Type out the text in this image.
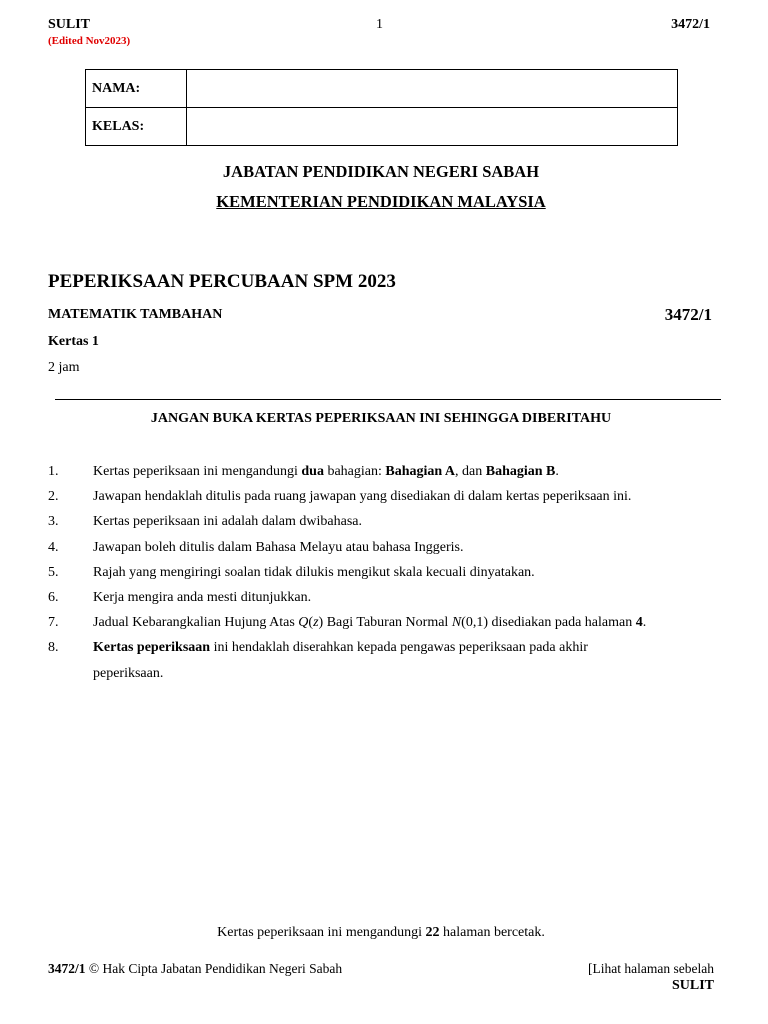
SULIT
(Edited Nov2023)
1	3472/1
NAMA:	
KELAS:	
JABATAN PENDIDIKAN NEGERI SABAH
KEMENTERIAN PENDIDIKAN MALAYSIA
PEPERIKSAAN PERCUBAAN SPM 2023
MATEMATIK TAMBAHAN	3472/1
Kertas 1
2 jam
JANGAN BUKA KERTAS PEPERIKSAAN INI SEHINGGA DIBERITAHU
1.	Kertas peperiksaan ini mengandungi dua bahagian: Bahagian A, dan Bahagian B.
2.	Jawapan hendaklah ditulis pada ruang jawapan yang disediakan di dalam kertas peperiksaan ini.
3.	Kertas peperiksaan ini adalah dalam dwibahasa.
4.	Jawapan boleh ditulis dalam Bahasa Melayu atau bahasa Inggeris.
5.	Rajah yang mengiringi soalan tidak dilukis mengikut skala kecuali dinyatakan.
6.	Kerja mengira anda mesti ditunjukkan.
7.	Jadual Kebarangkalian Hujung Atas Q(z) Bagi Taburan Normal N(0,1) disediakan pada halaman 4.
8.	Kertas peperiksaan ini hendaklah diserahkan kepada pengawas peperiksaan pada akhir
peperiksaan.
Kertas peperiksaan ini mengandungi 22 halaman bercetak.
3472/1 © Hak Cipta Jabatan Pendidikan Negeri Sabah	[Lihat halaman sebelah
SULIT
